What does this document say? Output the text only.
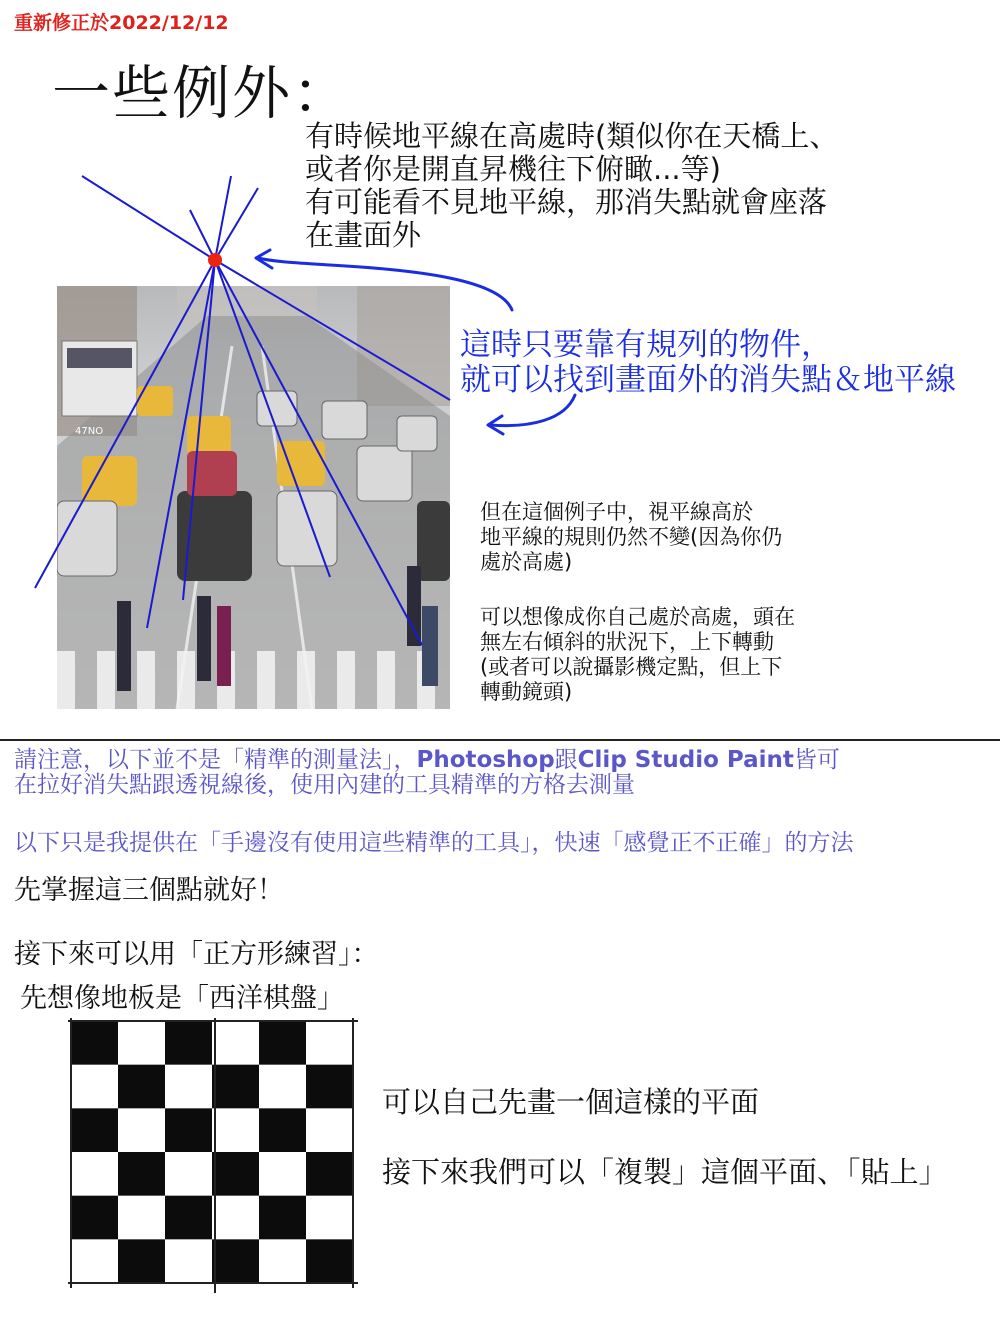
重新修正於2022/12/12
一些例外：
有時候地平線在高處時(類似你在天橋上、
或者你是開直昇機往下俯瞰...等)
有可能看不見地平線，那消失點就會座落
在畫面外
47NO
這時只要靠有規列的物件，
就可以找到畫面外的消失點＆地平線
但在這個例子中，視平線高於
地平線的規則仍然不變(因為你仍
處於高處)
可以想像成你自己處於高處，頭在
無左右傾斜的狀況下，上下轉動
(或者可以說攝影機定點，但上下
轉動鏡頭)
請注意，以下並不是「精準的測量法」，Photoshop跟Clip Studio Paint皆可
在拉好消失點跟透視線後，使用內建的工具精準的方格去測量
以下只是我提供在「手邊沒有使用這些精準的工具」，快速「感覺正不正確」的方法
先掌握這三個點就好！
接下來可以用「正方形練習」：
先想像地板是「西洋棋盤」
可以自己先畫一個這樣的平面
接下來我們可以「複製」這個平面、「貼上」
